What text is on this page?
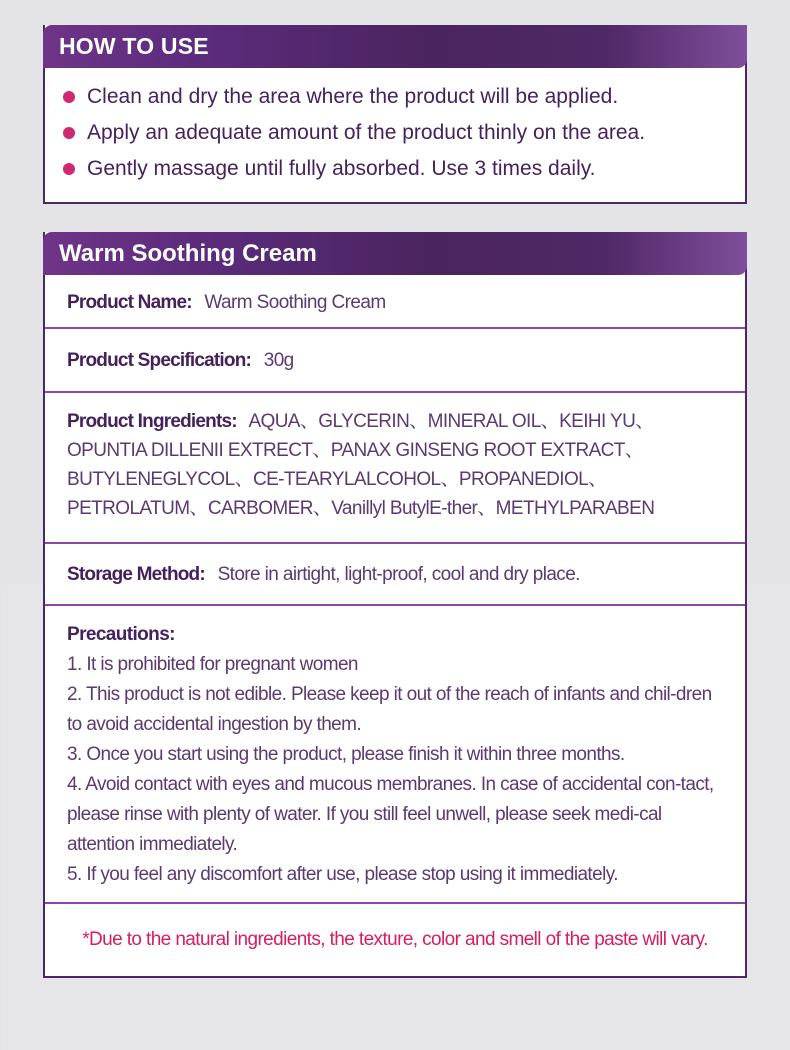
HOW TO USE
Clean and dry the area where the product will be applied.
Apply an adequate amount of the product thinly on the area.
Gently massage until fully absorbed. Use 3 times daily.
Warm Soothing Cream
Product Name: Warm Soothing Cream
Product Specification: 30g
Product Ingredients: AQUA、GLYCERIN、MINERAL OIL、KEIHI YU、OPUNTIA DILLENII EXTRECT、PANAX GINSENG ROOT EXTRACT、BUTYLENEGLYCOL、CE-TEARYLALCOHOL、PROPANEDIOL、PETROLATUM、CARBOMER、Vanillyl ButylE-ther、METHYLPARABEN
Storage Method: Store in airtight, light-proof, cool and dry place.
Precautions:
1. It is prohibited for pregnant women
2. This product is not edible. Please keep it out of the reach of infants and chil-dren to avoid accidental ingestion by them.
3. Once you start using the product, please finish it within three months.
4. Avoid contact with eyes and mucous membranes. In case of accidental con-tact, please rinse with plenty of water. If you still feel unwell, please seek medi-cal attention immediately.
5. If you feel any discomfort after use, please stop using it immediately.
*Due to the natural ingredients, the texture, color and smell of the paste will vary.
